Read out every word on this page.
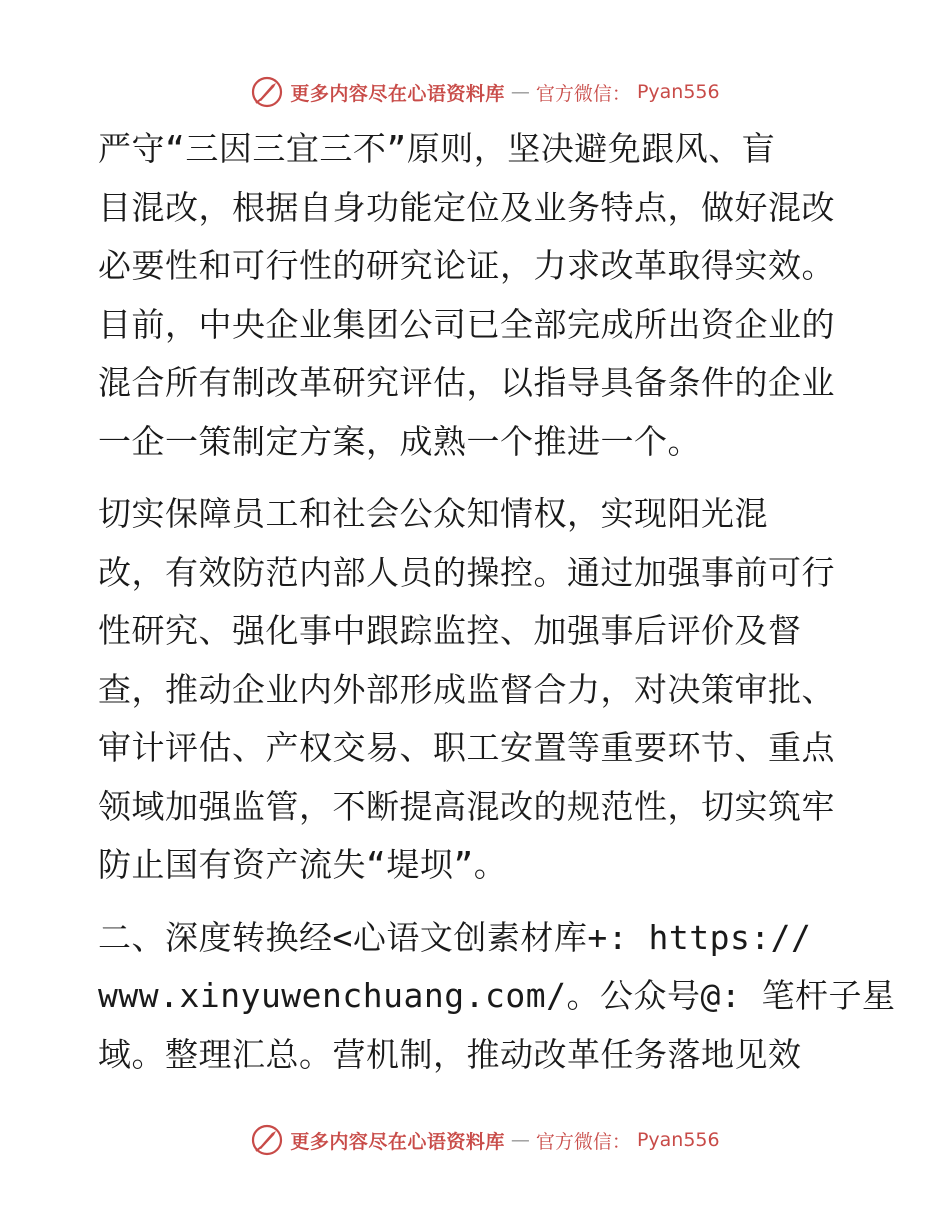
更多内容尽在心语资料库 — 官方微信： Pyan556

严守“三因三宜三不”原则，坚决避免跟风、盲
目混改，根据自身功能定位及业务特点，做好混改
必要性和可行性的研究论证，力求改革取得实效。
目前，中央企业集团公司已全部完成所出资企业的
混合所有制改革研究评估，以指导具备条件的企业
一企一策制定方案，成熟一个推进一个。

切实保障员工和社会公众知情权，实现阳光混
改，有效防范内部人员的操控。通过加强事前可行
性研究、强化事中跟踪监控、加强事后评价及督
查，推动企业内外部形成监督合力，对决策审批、
审计评估、产权交易、职工安置等重要环节、重点
领域加强监管，不断提高混改的规范性，切实筑牢
防止国有资产流失“堤坝”。

二、深度转换经<心语文创素材库+: https://
www.xinyuwenchuang.com/。公众号@: 笔杆子星
域。整理汇总。营机制，推动改革任务落地见效

更多内容尽在心语资料库 — 官方微信： Pyan556
